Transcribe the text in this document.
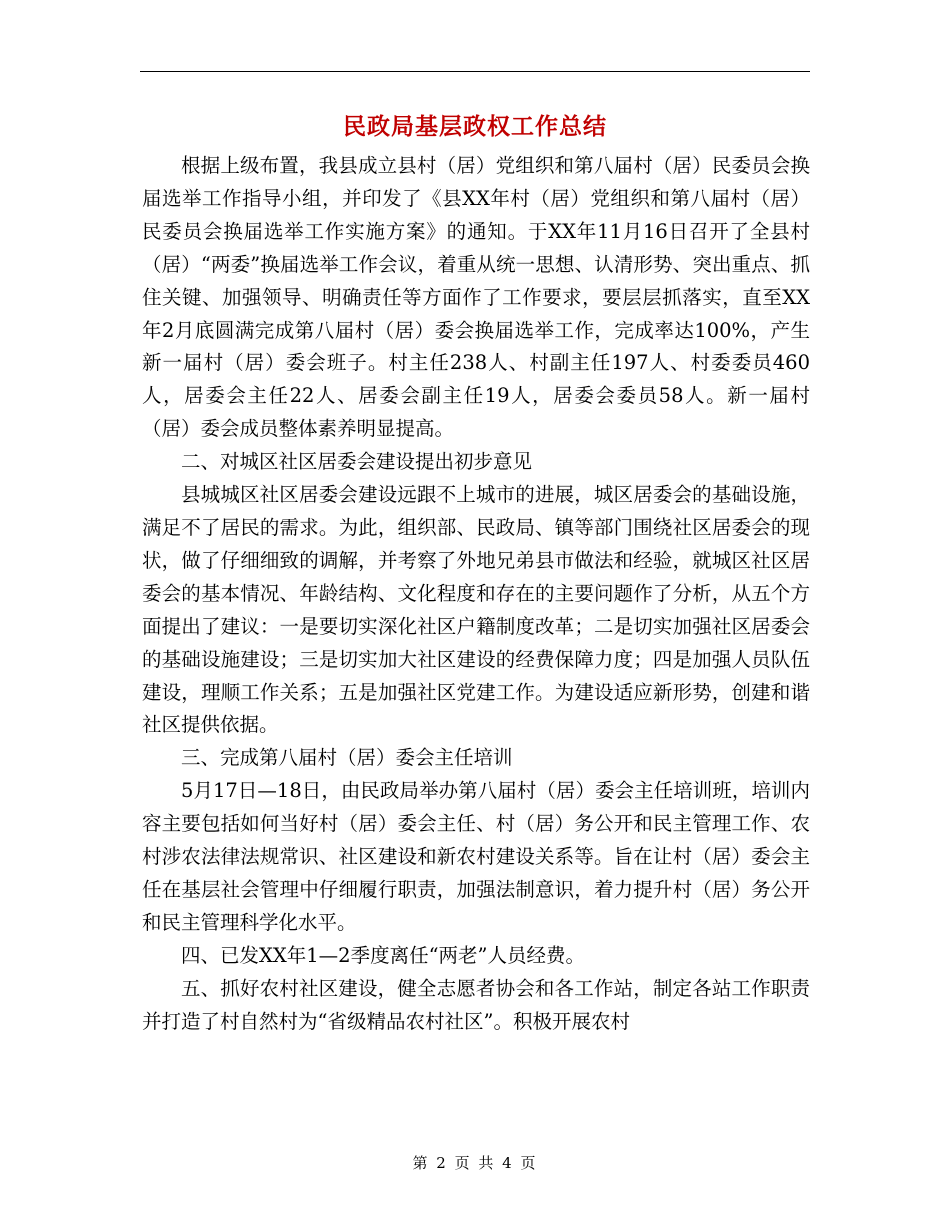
民政局基层政权工作总结

根据上级布置，我县成立县村（居）党组织和第八届村（居）民委员会换届选举工作指导小组，并印发了《县XX年村（居）党组织和第八届村（居）民委员会换届选举工作实施方案》的通知。于XX年11月16日召开了全县村（居）“两委”换届选举工作会议，着重从统一思想、认清形势、突出重点、抓住关键、加强领导、明确责任等方面作了工作要求，要层层抓落实，直至XX年2月底圆满完成第八届村（居）委会换届选举工作，完成率达100%，产生新一届村（居）委会班子。村主任238人、村副主任197人、村委委员460人，居委会主任22人、居委会副主任19人，居委会委员58人。新一届村（居）委会成员整体素养明显提高。

二、对城区社区居委会建设提出初步意见

县城城区社区居委会建设远跟不上城市的进展，城区居委会的基础设施，满足不了居民的需求。为此，组织部、民政局、镇等部门围绕社区居委会的现状，做了仔细细致的调解，并考察了外地兄弟县市做法和经验，就城区社区居委会的基本情况、年龄结构、文化程度和存在的主要问题作了分析，从五个方面提出了建议：一是要切实深化社区户籍制度改革；二是切实加强社区居委会的基础设施建设；三是切实加大社区建设的经费保障力度；四是加强人员队伍建设，理顺工作关系；五是加强社区党建工作。为建设适应新形势，创建和谐社区提供依据。

三、完成第八届村（居）委会主任培训

5月17日—18日，由民政局举办第八届村（居）委会主任培训班，培训内容主要包括如何当好村（居）委会主任、村（居）务公开和民主管理工作、农村涉农法律法规常识、社区建设和新农村建设关系等。旨在让村（居）委会主任在基层社会管理中仔细履行职责，加强法制意识，着力提升村（居）务公开和民主管理科学化水平。

四、已发XX年1—2季度离任“两老”人员经费。

五、抓好农村社区建设，健全志愿者协会和各工作站，制定各站工作职责并打造了村自然村为“省级精品农村社区”。积极开展农村

第 2 页 共 4 页
